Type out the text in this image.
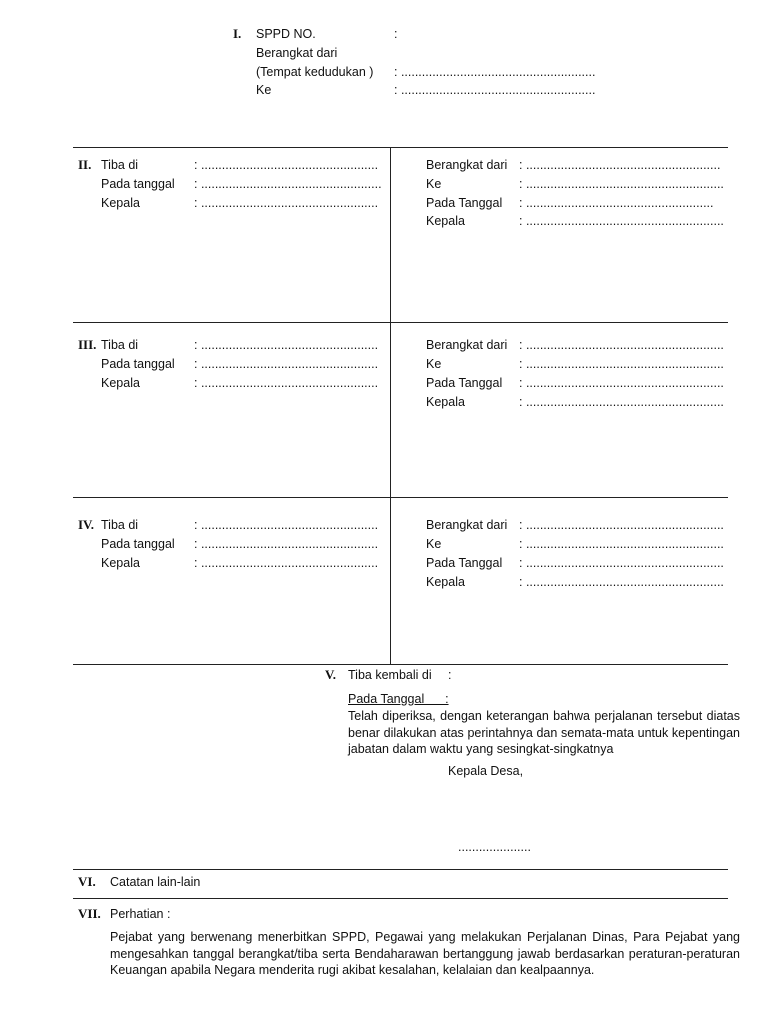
I. SPPD NO.	:
Berangkat dari
(Tempat kedudukan ) : ........................................................
Ke	: ........................................................
II. Tiba di	: ...................................................
Pada tanggal : ....................................................
Kepala	: ...................................................
Berangkat dari : ........................................................
Ke	: .........................................................
Pada Tanggal : ......................................................
Kepala	: .........................................................
III. Tiba di	: ...................................................
Pada tanggal : ...................................................
Kepala	: ...................................................
Berangkat dari : .........................................................
Ke	: .........................................................
Pada Tanggal : .........................................................
Kepala	: .........................................................
IV. Tiba di	: ...................................................
Pada tanggal : ...................................................
Kepala	: ...................................................
Berangkat dari : .........................................................
Ke	: .........................................................
Pada Tanggal : .........................................................
Kepala	: .........................................................
V. Tiba kembali di :
Pada Tanggal      :
Telah diperiksa, dengan keterangan bahwa perjalanan tersebut diatas benar dilakukan atas perintahnya dan semata-mata untuk kepentingan jabatan dalam waktu yang sesingkat-singkatnya
Kepala Desa,
.....................
VI. Catatan lain-lain
VII. Perhatian :
Pejabat yang berwenang menerbitkan SPPD, Pegawai yang melakukan Perjalanan Dinas, Para Pejabat yang mengesahkan tanggal berangkat/tiba serta Bendaharawan bertanggung jawab berdasarkan peraturan-peraturan Keuangan apabila Negara menderita rugi akibat kesalahan, kelalaian dan kealpaannya.
